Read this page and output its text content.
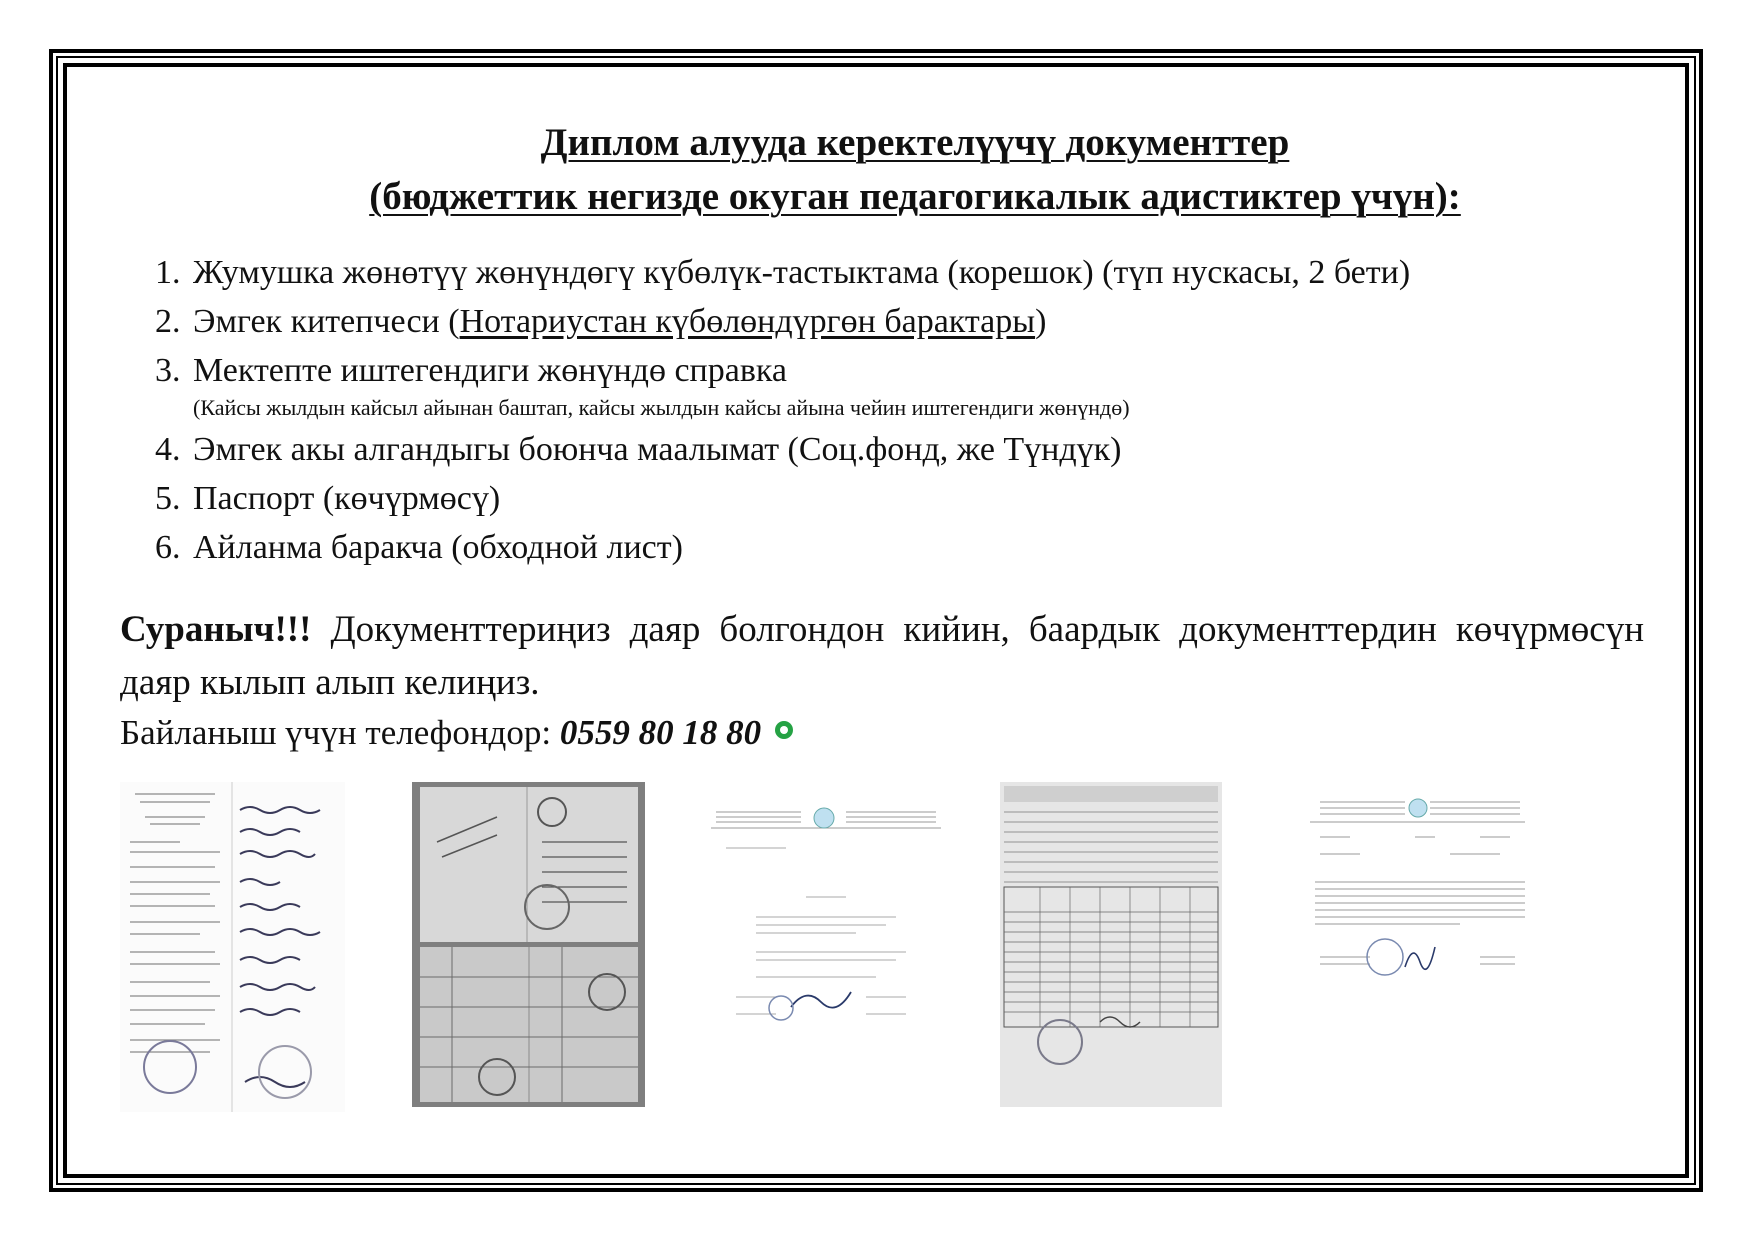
Диплом алууда керектелүүчү документтер
(бюджеттик негизде окуган педагогикалык адистиктер үчүн):
1. Жумушка жөнөтүү жөнүндөгү күбөлүк-тастыктама (корешок) (түп нускасы, 2 бети)
2. Эмгек китепчеси (Нотариустан күбөлөндүргөн барактары)
3. Мектепте иштегендиги жөнүндө справка
(Кайсы жылдын кайсыл айынан баштап, кайсы жылдын кайсы айына чейин иштегендиги жөнүндө)
4. Эмгек акы алгандыгы боюнча маалымат (Соц.фонд, же Түндүк)
5. Паспорт (көчүрмөсү)
6. Айланма баракча (обходной лист)
Сураныч!!! Документтериңиз даяр болгондон кийин, баардык документтердин көчүрмөсүн даяр кылып алып келиңиз.
Байланыш үчүн телефондор: 0559 80 18 80
